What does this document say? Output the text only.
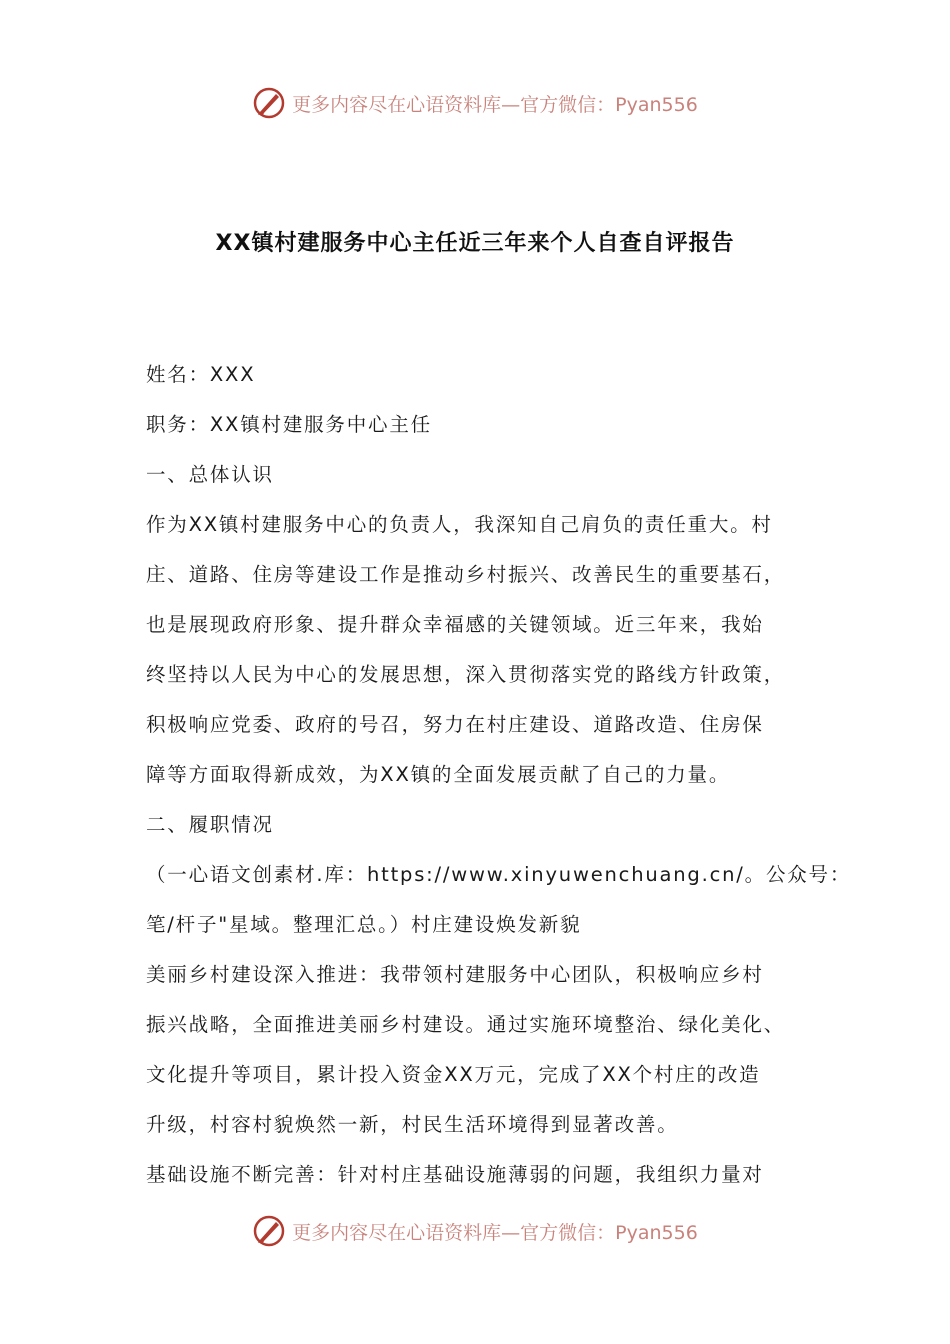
更多内容尽在心语资料库—官方微信：Pyan556
XX镇村建服务中心主任近三年来个人自查自评报告
姓名：XXX
职务：XX镇村建服务中心主任
一、总体认识
作为XX镇村建服务中心的负责人，我深知自己肩负的责任重大。村
庄、道路、住房等建设工作是推动乡村振兴、改善民生的重要基石，
也是展现政府形象、提升群众幸福感的关键领域。近三年来，我始
终坚持以人民为中心的发展思想，深入贯彻落实党的路线方针政策，
积极响应党委、政府的号召，努力在村庄建设、道路改造、住房保
障等方面取得新成效，为XX镇的全面发展贡献了自己的力量。
二、履职情况
（一心语文创素材.库：https://www.xinyuwenchuang.cn/。公众号：
笔/杆子"星域。整理汇总。）村庄建设焕发新貌
美丽乡村建设深入推进：我带领村建服务中心团队，积极响应乡村
振兴战略，全面推进美丽乡村建设。通过实施环境整治、绿化美化、
文化提升等项目，累计投入资金XX万元，完成了XX个村庄的改造
升级，村容村貌焕然一新，村民生活环境得到显著改善。
基础设施不断完善：针对村庄基础设施薄弱的问题，我组织力量对
更多内容尽在心语资料库—官方微信：Pyan556
